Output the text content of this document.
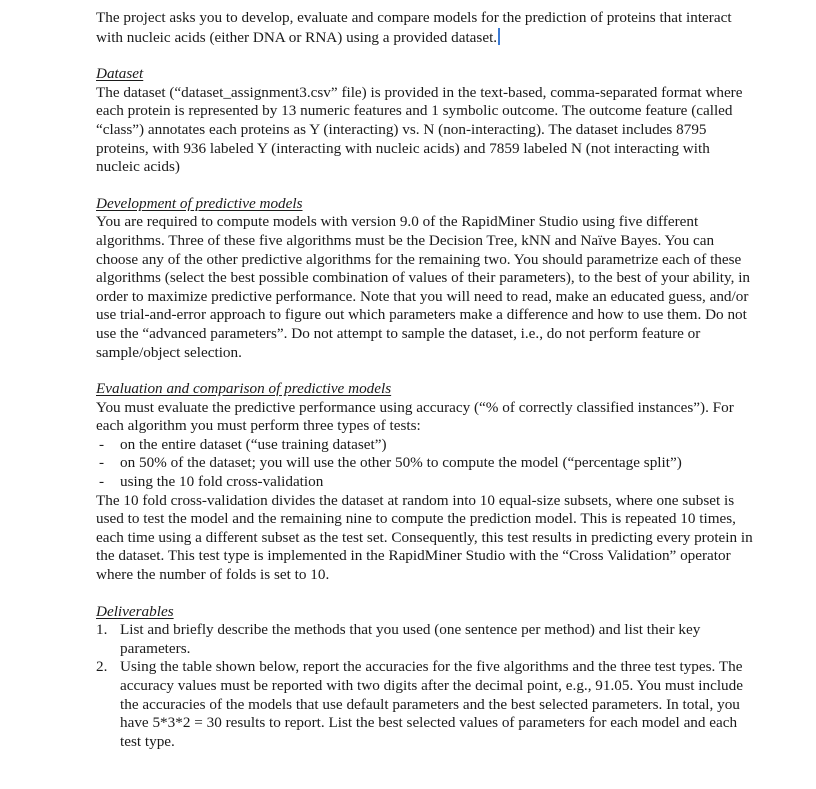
The project asks you to develop, evaluate and compare models for the prediction of proteins that interact with nucleic acids (either DNA or RNA) using a provided dataset.

Dataset

The dataset (“dataset_assignment3.csv” file) is provided in the text-based, comma-separated format where each protein is represented by 13 numeric features and 1 symbolic outcome. The outcome feature (called “class”) annotates each proteins as Y (interacting) vs. N (non-interacting). The dataset includes 8795 proteins, with 936 labeled Y (interacting with nucleic acids) and 7859 labeled N (not interacting with nucleic acids)

Development of predictive models

You are required to compute models with version 9.0 of the RapidMiner Studio using five different algorithms. Three of these five algorithms must be the Decision Tree, kNN and Naïve Bayes. You can choose any of the other predictive algorithms for the remaining two. You should parametrize each of these algorithms (select the best possible combination of values of their parameters), to the best of your ability, in order to maximize predictive performance. Note that you will need to read, make an educated guess, and/or use trial-and-error approach to figure out which parameters make a difference and how to use them. Do not use the “advanced parameters”. Do not attempt to sample the dataset, i.e., do not perform feature or sample/object selection.

Evaluation and comparison of predictive models

You must evaluate the predictive performance using accuracy (“% of correctly classified instances”). For each algorithm you must perform three types of tests:

- on the entire dataset (“use training dataset”)
- on 50% of the dataset; you will use the other 50% to compute the model (“percentage split”)
- using the 10 fold cross-validation

The 10 fold cross-validation divides the dataset at random into 10 equal-size subsets, where one subset is used to test the model and the remaining nine to compute the prediction model. This is repeated 10 times, each time using a different subset as the test set. Consequently, this test results in predicting every protein in the dataset. This test type is implemented in the RapidMiner Studio with the “Cross Validation” operator where the number of folds is set to 10.

Deliverables

1. List and briefly describe the methods that you used (one sentence per method) and list their key parameters.
2. Using the table shown below, report the accuracies for the five algorithms and the three test types. The accuracy values must be reported with two digits after the decimal point, e.g., 91.05. You must include the accuracies of the models that use default parameters and the best selected parameters. In total, you have 5*3*2 = 30 results to report. List the best selected values of parameters for each model and each test type.
